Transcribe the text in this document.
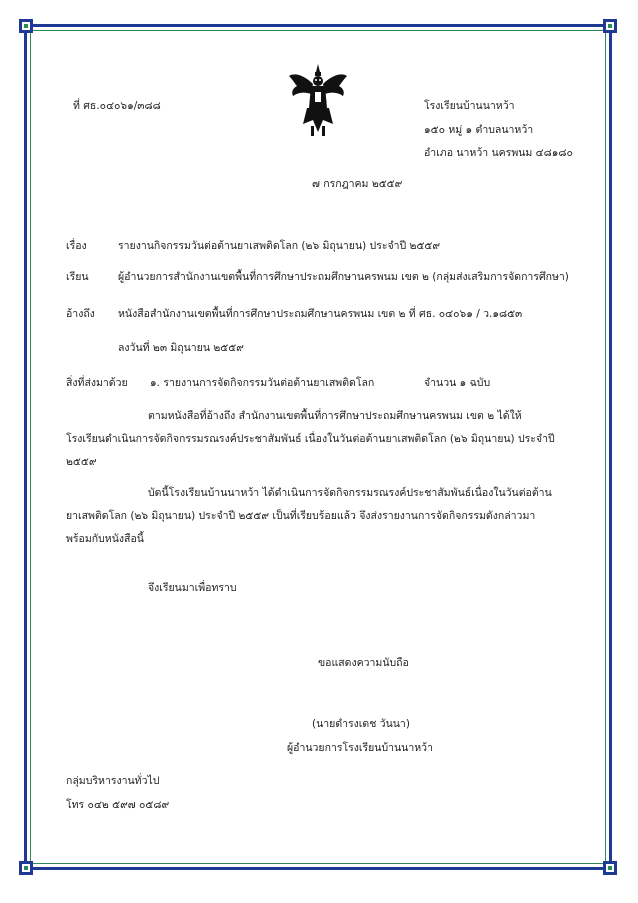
ที่ ศธ.๐๔๐๖๑/๓๘๘	โรงเรียนบ้านนาหว้า
๑๕๐ หมู่ ๑ ตำบลนาหว้า
อำเภอ นาหว้า นครพนม ๔๘๑๘๐
๗ กรกฎาคม ๒๕๕๙
เรื่อง	รายงานกิจกรรมวันต่อต้านยาเสพติดโลก (๒๖ มิถุนายน) ประจำปี ๒๕๕๙
เรียน	ผู้อำนวยการสำนักงานเขตพื้นที่การศึกษาประถมศึกษานครพนม เขต ๒ (กลุ่มส่งเสริมการจัดการศึกษา)
อ้างถึง หนังสือสำนักงานเขตพื้นที่การศึกษาประถมศึกษานครพนม เขต ๒ ที่ ศธ. ๐๔๐๖๑ / ว.๑๘๕๓
ลงวันที่ ๒๓ มิถุนายน ๒๕๕๙
สิ่งที่ส่งมาด้วย ๑. รายงานการจัดกิจกรรมวันต่อต้านยาเสพติดโลก	จำนวน ๑ ฉบับ
ตามหนังสือที่อ้างถึง สำนักงานเขตพื้นที่การศึกษาประถมศึกษานครพนม เขต ๒ ได้ให้
โรงเรียนดำเนินการจัดกิจกรรมรณรงค์ประชาสัมพันธ์ เนื่องในวันต่อต้านยาเสพติดโลก (๒๖ มิถุนายน) ประจำปี
๒๕๕๙
บัดนี้โรงเรียนบ้านนาหว้า ได้ดำเนินการจัดกิจกรรมรณรงค์ประชาสัมพันธ์เนื่องในวันต่อต้าน
ยาเสพติดโลก (๒๖ มิถุนายน) ประจำปี ๒๕๕๙ เป็นที่เรียบร้อยแล้ว จึงส่งรายงานการจัดกิจกรรมดังกล่าวมา
พร้อมกับหนังสือนี้
จึงเรียนมาเพื่อทราบ
ขอแสดงความนับถือ
(นายดำรงเดช วันนา)
ผู้อำนวยการโรงเรียนบ้านนาหว้า
กลุ่มบริหารงานทั่วไป
โทร ๐๔๒ ๕๙๗ ๐๕๘๙
